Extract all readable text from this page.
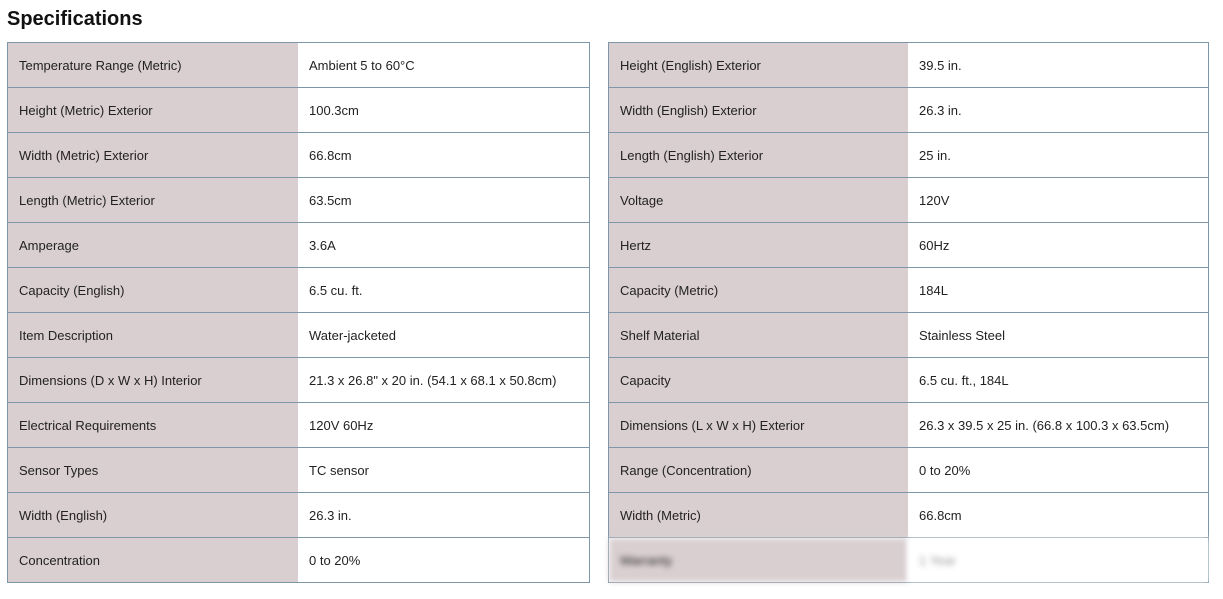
Specifications
Temperature Range (Metric)	Ambient 5 to 60°C
Height (Metric) Exterior	100.3cm
Width (Metric) Exterior	66.8cm
Length (Metric) Exterior	63.5cm
Amperage	3.6A
Capacity (English)	6.5 cu. ft.
Item Description	Water-jacketed
Dimensions (D x W x H) Interior	21.3 x 26.8" x 20 in. (54.1 x 68.1 x 50.8cm)
Electrical Requirements	120V 60Hz
Sensor Types	TC sensor
Width (English)	26.3 in.
Concentration	0 to 20%
Height (English) Exterior	39.5 in.
Width (English) Exterior	26.3 in.
Length (English) Exterior	25 in.
Voltage	120V
Hertz	60Hz
Capacity (Metric)	184L
Shelf Material	Stainless Steel
Capacity	6.5 cu. ft., 184L
Dimensions (L x W x H) Exterior	26.3 x 39.5 x 25 in. (66.8 x 100.3 x 63.5cm)
Range (Concentration)	0 to 20%
Width (Metric)	66.8cm
Warranty	1 Year
